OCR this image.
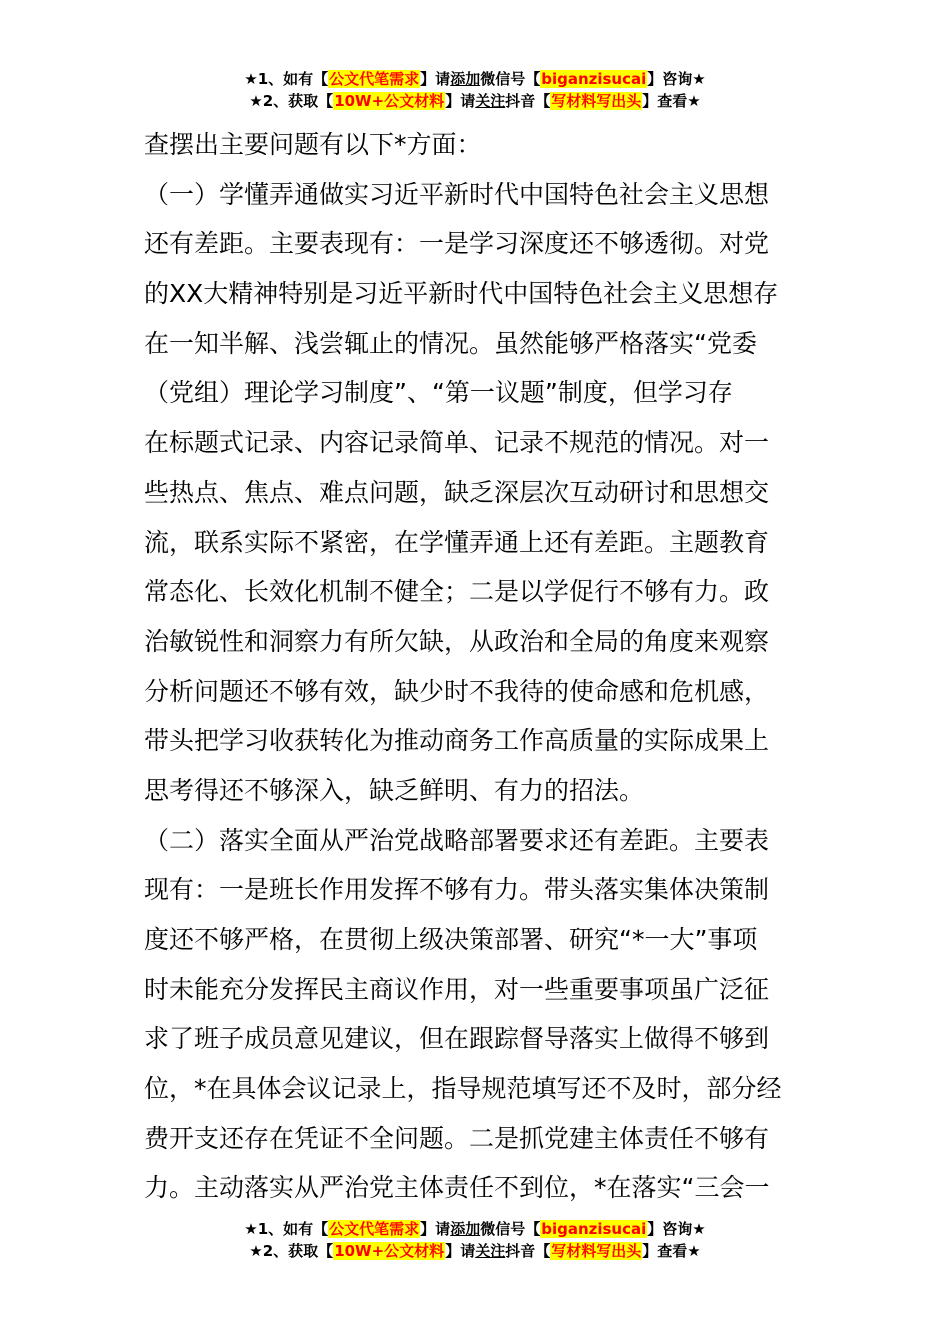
★1、如有【公文代笔需求】请添加微信号【biganzisucai】咨询★
★2、获取【10W+公文材料】请关注抖音【写材料写出头】查看★
查摆出主要问题有以下*方面：
（一）学懂弄通做实习近平新时代中国特色社会主义思想
还有差距。主要表现有：一是学习深度还不够透彻。对党
的XX大精神特别是习近平新时代中国特色社会主义思想存
在一知半解、浅尝辄止的情况。虽然能够严格落实“党委
（党组）理论学习制度”、“第一议题”制度，但学习存
在标题式记录、内容记录简单、记录不规范的情况。对一
些热点、焦点、难点问题，缺乏深层次互动研讨和思想交
流，联系实际不紧密，在学懂弄通上还有差距。主题教育
常态化、长效化机制不健全；二是以学促行不够有力。政
治敏锐性和洞察力有所欠缺，从政治和全局的角度来观察
分析问题还不够有效，缺少时不我待的使命感和危机感，
带头把学习收获转化为推动商务工作高质量的实际成果上
思考得还不够深入，缺乏鲜明、有力的招法。
（二）落实全面从严治党战略部署要求还有差距。主要表
现有：一是班长作用发挥不够有力。带头落实集体决策制
度还不够严格，在贯彻上级决策部署、研究“*一大”事项
时未能充分发挥民主商议作用，对一些重要事项虽广泛征
求了班子成员意见建议，但在跟踪督导落实上做得不够到
位，*在具体会议记录上，指导规范填写还不及时，部分经
费开支还存在凭证不全问题。二是抓党建主体责任不够有
力。主动落实从严治党主体责任不到位，*在落实“三会一
★1、如有【公文代笔需求】请添加微信号【biganzisucai】咨询★
★2、获取【10W+公文材料】请关注抖音【写材料写出头】查看★
